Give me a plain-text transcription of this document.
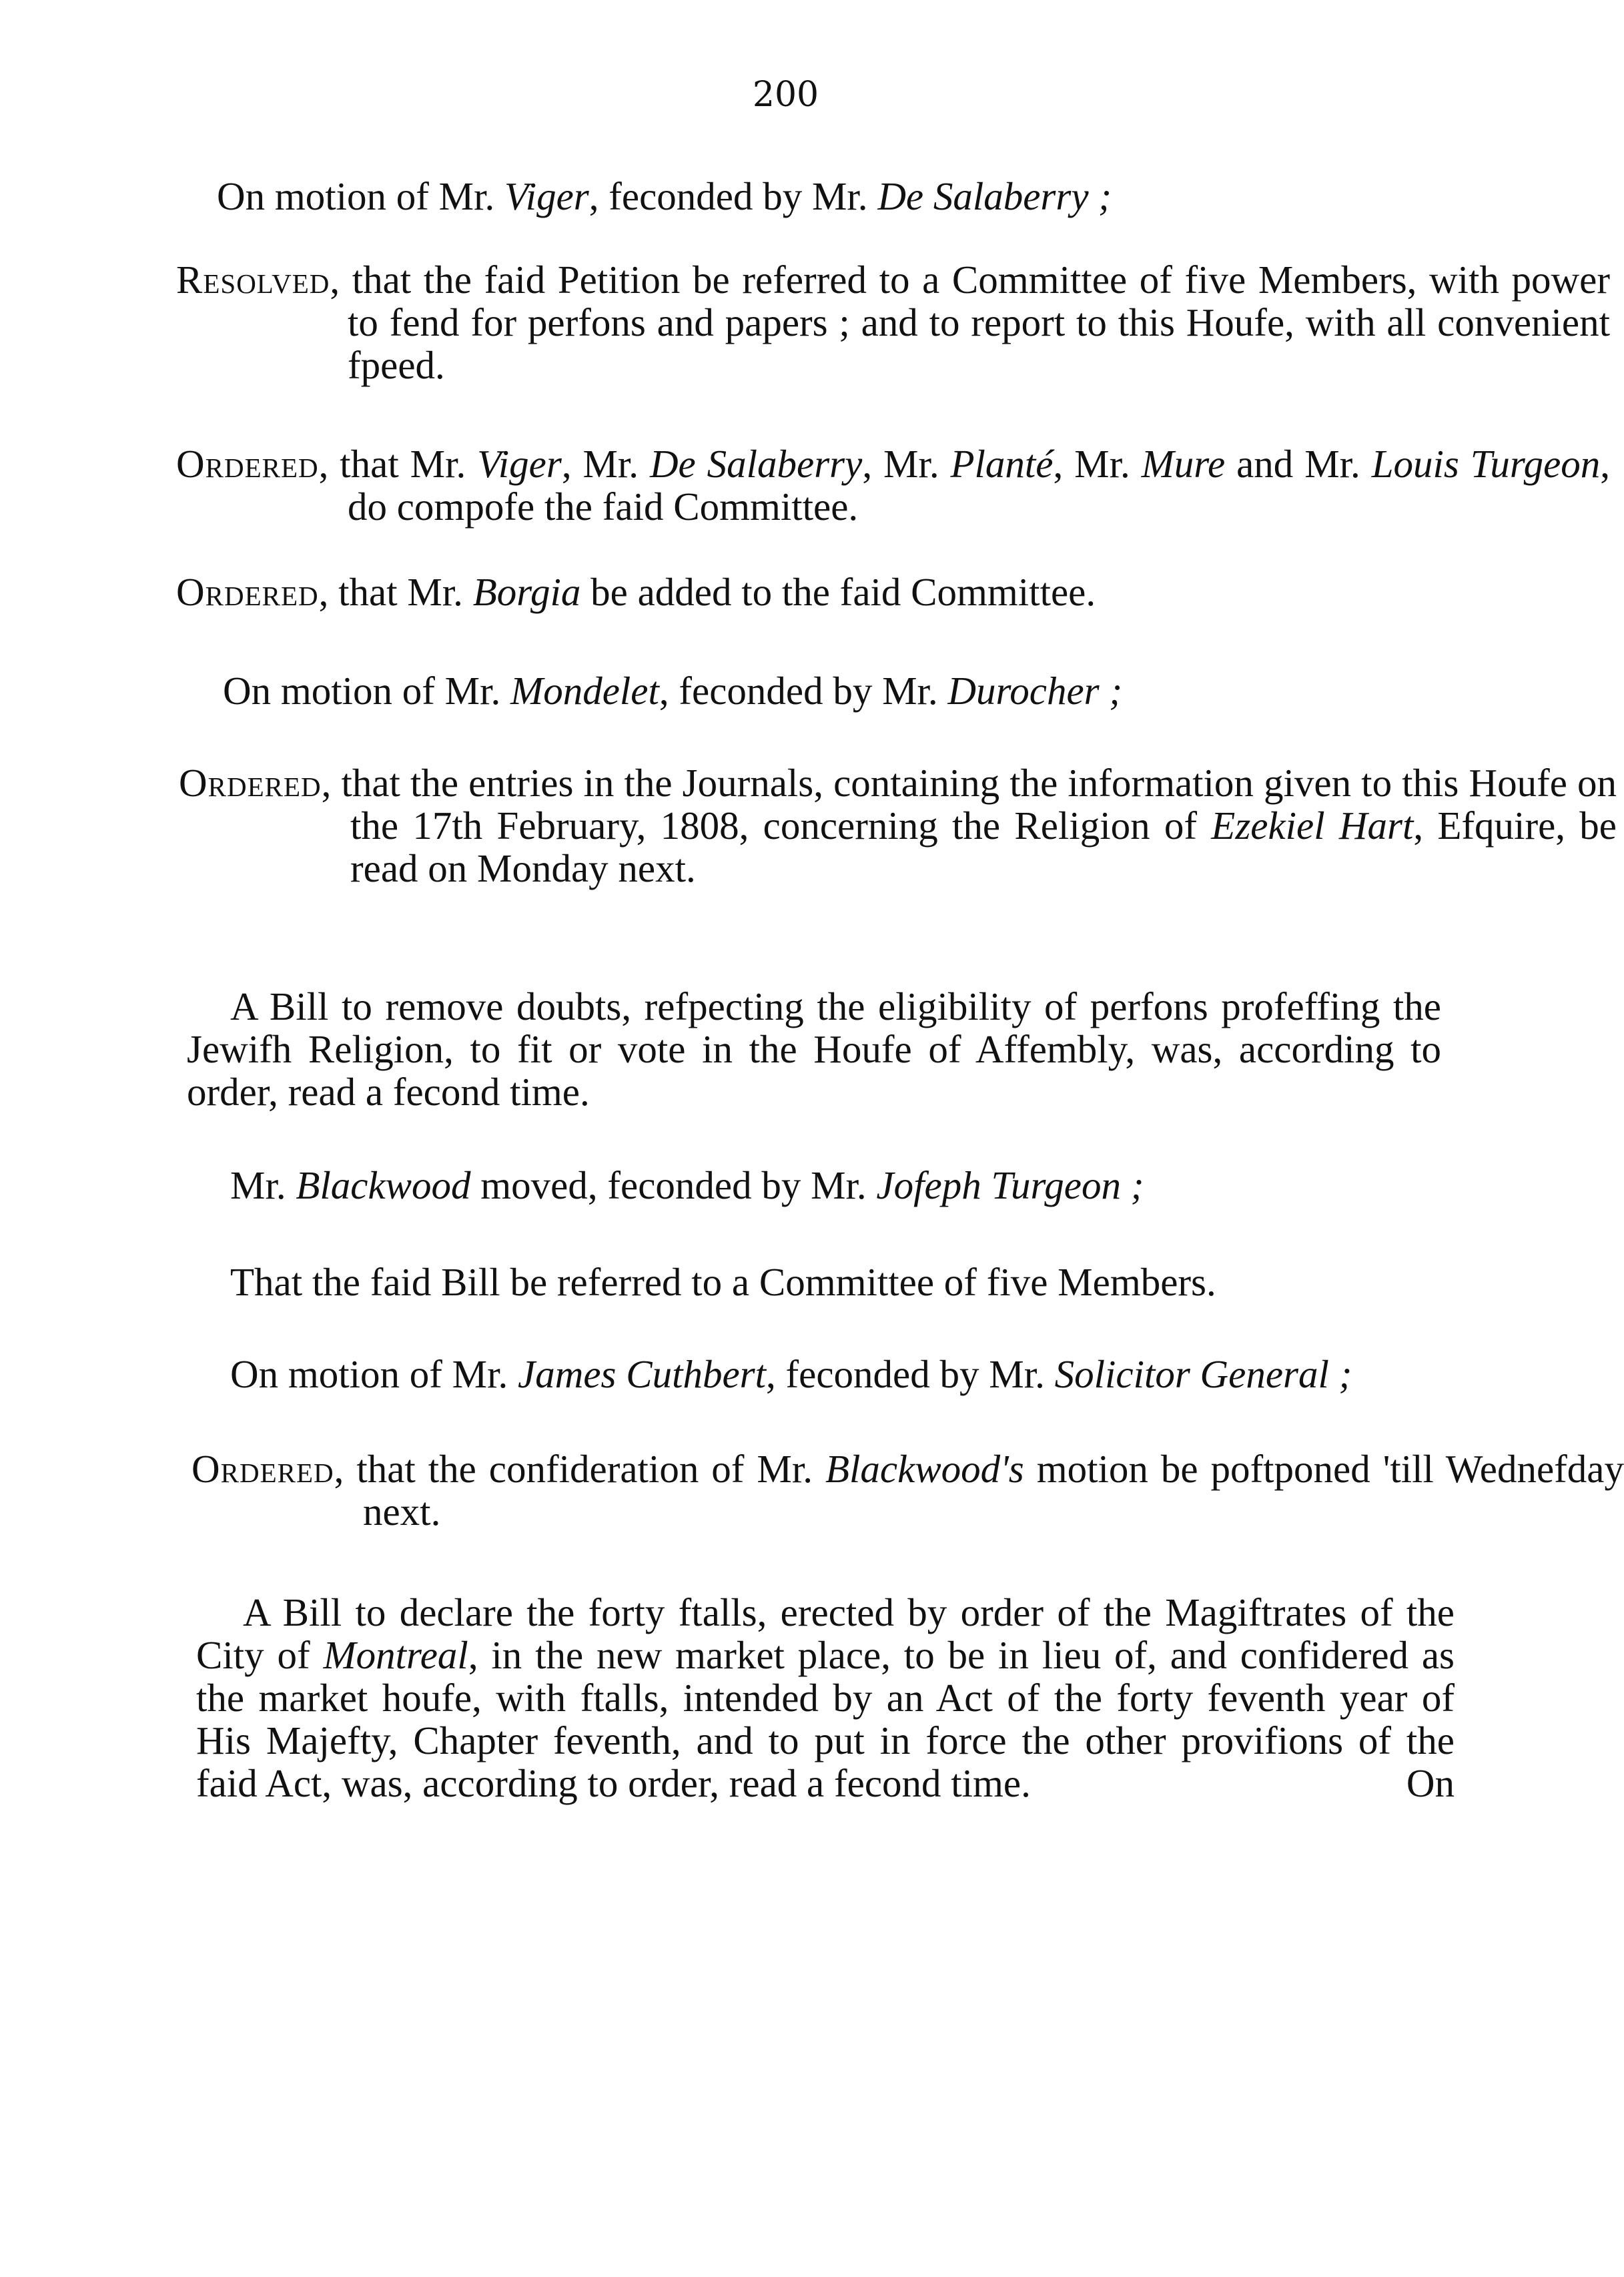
200

On motion of Mr. Viger, feconded by Mr. De Salaberry ;

Resolved, that the faid Petition be referred to a Committee of five Members, with power to fend for perfons and papers ; and to report to this Houfe, with all convenient fpeed.

Ordered, that Mr. Viger, Mr. De Salaberry, Mr. Planté, Mr. Mure and Mr. Louis Turgeon, do compofe the faid Committee.

Ordered, that Mr. Borgia be added to the faid Committee.

On motion of Mr. Mondelet, feconded by Mr. Durocher ;

Ordered, that the entries in the Journals, containing the information given to this Houfe on the 17th February, 1808, concerning the Religion of Ezekiel Hart, Efquire, be read on Monday next.

A Bill to remove doubts, refpecting the eligibility of perfons profeffing the Jewifh Religion, to fit or vote in the Houfe of Affembly, was, according to order, read a fecond time.

Mr. Blackwood moved, feconded by Mr. Jofeph Turgeon ;

That the faid Bill be referred to a Committee of five Members.

On motion of Mr. James Cuthbert, feconded by Mr. Solicitor General ;

Ordered, that the confideration of Mr. Blackwood's motion be poftponed 'till Wednefday next.

A Bill to declare the forty ftalls, erected by order of the Magiftrates of the City of Montreal, in the new market place, to be in lieu of, and confidered as the market houfe, with ftalls, intended by an Act of the forty feventh year of His Majefty, Chapter feventh, and to put in force the other provifions of the faid Act, was, according to order, read a fecond time.	On
